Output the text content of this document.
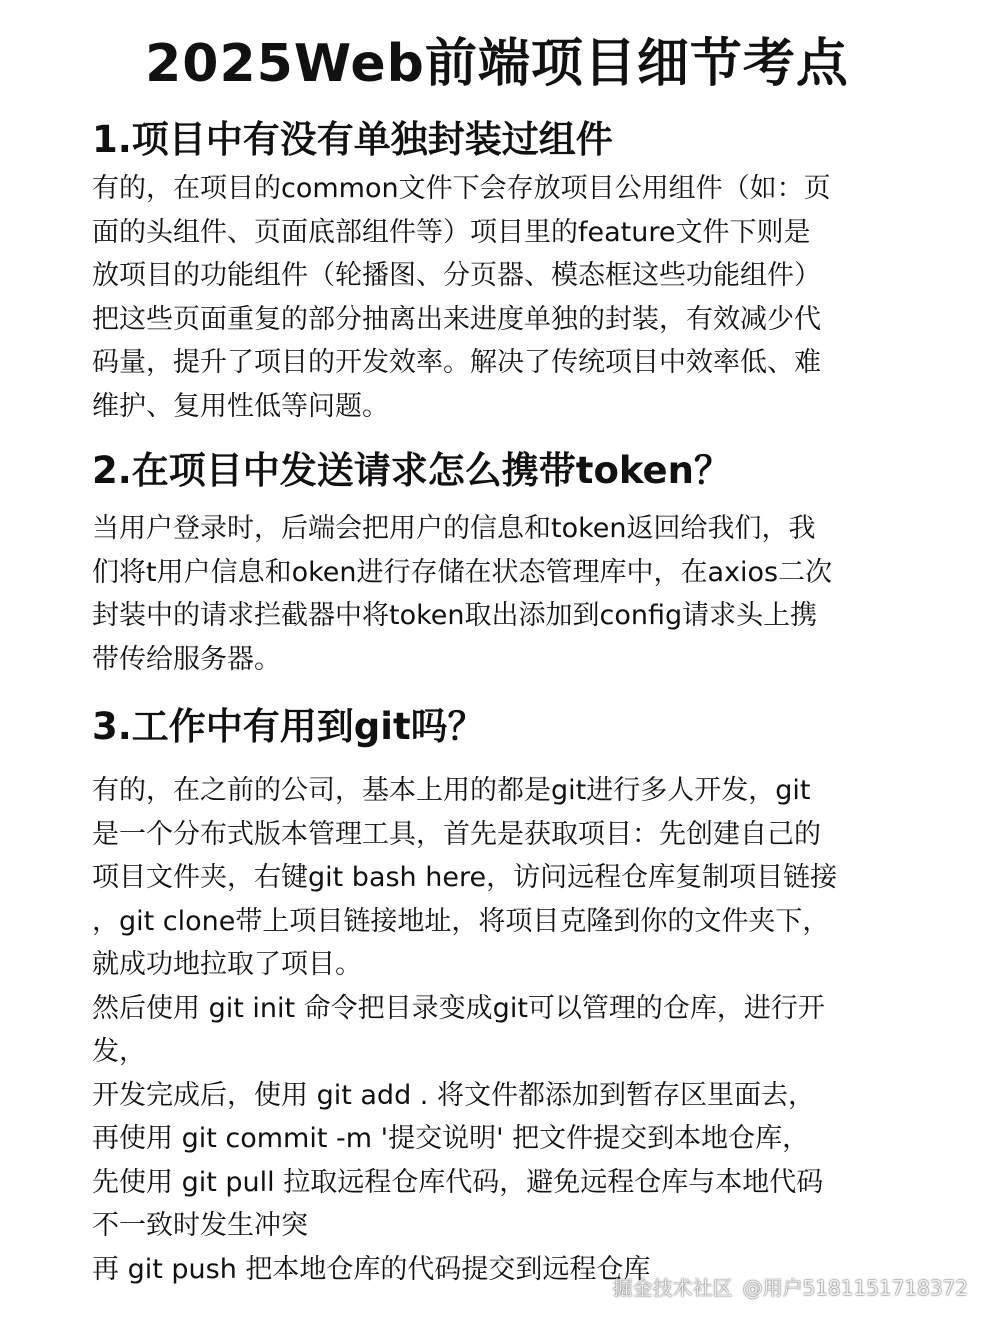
2025Web前端项目细节考点
1.项目中有没有单独封装过组件
有的，在项目的common文件下会存放项目公用组件（如：页
面的头组件、页面底部组件等）项目里的feature文件下则是
放项目的功能组件（轮播图、分页器、模态框这些功能组件）
把这些页面重复的部分抽离出来进度单独的封装，有效减少代
码量，提升了项目的开发效率。解决了传统项目中效率低、难
维护、复用性低等问题。
2.在项目中发送请求怎么携带token？
当用户登录时，后端会把用户的信息和token返回给我们，我
们将t用户信息和oken进行存储在状态管理库中，在axios二次
封装中的请求拦截器中将token取出添加到config请求头上携
带传给服务器。
3.工作中有用到git吗？
有的，在之前的公司，基本上用的都是git进行多人开发，git
是一个分布式版本管理工具，首先是获取项目：先创建自己的
项目文件夹，右键git bash here，访问远程仓库复制项目链接
，git clone带上项目链接地址，将项目克隆到你的文件夹下，
就成功地拉取了项目。
然后使用 git init 命令把目录变成git可以管理的仓库，进行开
发，
开发完成后，使用 git add . 将文件都添加到暂存区里面去，
再使用 git commit -m '提交说明' 把文件提交到本地仓库，
先使用 git pull 拉取远程仓库代码，避免远程仓库与本地代码
不一致时发生冲突
再 git push 把本地仓库的代码提交到远程仓库
掘金技术社区 @用户5181151718372
